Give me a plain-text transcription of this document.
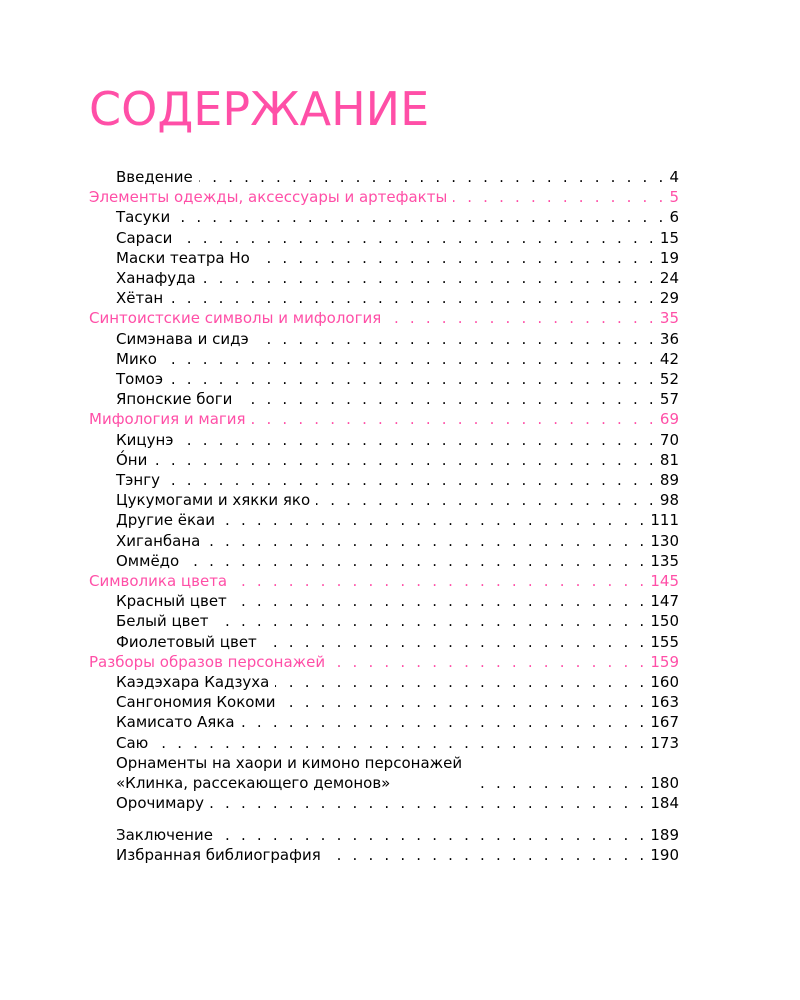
СОДЕРЖАНИЕ
Введение . . .	4
Элементы одежды, аксессуары и артефакты . . .	5
Тасуки . . .	6
Сараси . . .	15
Маски театра Но . . .	19
Ханафуда . . .	24
Хётан . . .	29
Синтоистские символы и мифология . . .	35
Симэнава и сидэ . . .	36
Мико . . .	42
Томоэ . . .	52
Японские боги . . .	57
Мифология и магия . . .	69
Кицунэ . . .	70
О́ни . . .	81
Тэнгу . . .	89
Цукумогами и хякки яко . . .	98
Другие ёкаи . . .	111
Хиганбана . . .	130
Оммёдо . . .	135
Символика цвета . . .	145
Красный цвет . . .	147
Белый цвет . . .	150
Фиолетовый цвет . . .	155
Разборы образов персонажей . . .	159
Каэдэхара Кадзуха . . .	160
Сангономия Кокоми . . .	163
Камисато Аяка . . .	167
Саю . . .	173
Орнаменты на хаори и кимоно персонажей
«Клинка, рассекающего демонов» . . .	180
Орочимару . . .	184
Заключение . . .	189
Избранная библиография . . .	190
